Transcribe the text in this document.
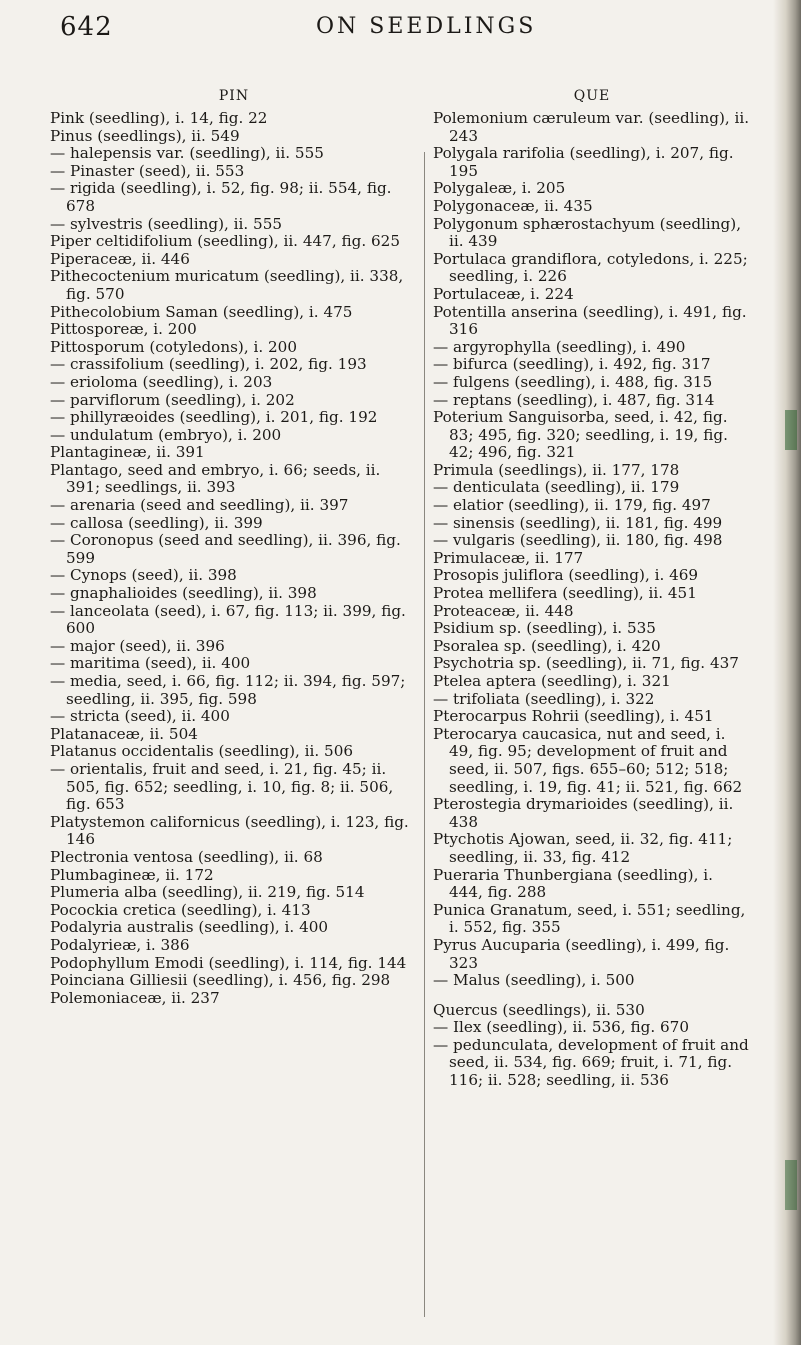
642	ON SEEDLINGS
PIN

Pink (seedling), i. 14, fig. 22

Pinus (seedlings), ii. 549

— halepensis var. (seedling), ii. 555

— Pinaster (seed), ii. 553

— rigida (seedling), i. 52, fig. 98; ii. 554, fig. 678

— sylvestris (seedling), ii. 555

Piper celtidifolium (seedling), ii. 447, fig. 625

Piperaceæ, ii. 446

Pithecoctenium muricatum (seedling), ii. 338, fig. 570

Pithecolobium Saman (seedling), i. 475

Pittosporeæ, i. 200

Pittosporum (cotyledons), i. 200

— crassifolium (seedling), i. 202, fig. 193

— erioloma (seedling), i. 203

— parviflorum (seedling), i. 202

— phillyræoides (seedling), i. 201, fig. 192

— undulatum (embryo), i. 200

Plantagineæ, ii. 391

Plantago, seed and embryo, i. 66; seeds, ii. 391; seedlings, ii. 393

— arenaria (seed and seedling), ii. 397

— callosa (seedling), ii. 399

— Coronopus (seed and seedling), ii. 396, fig. 599

— Cynops (seed), ii. 398

— gnaphalioides (seedling), ii. 398

— lanceolata (seed), i. 67, fig. 113; ii. 399, fig. 600

— major (seed), ii. 396

— maritima (seed), ii. 400

— media, seed, i. 66, fig. 112; ii. 394, fig. 597; seedling, ii. 395, fig. 598

— stricta (seed), ii. 400

Platanaceæ, ii. 504

Platanus occidentalis (seedling), ii. 506

— orientalis, fruit and seed, i. 21, fig. 45; ii. 505, fig. 652; seedling, i. 10, fig. 8; ii. 506, fig. 653

Platystemon californicus (seedling), i. 123, fig. 146

Plectronia ventosa (seedling), ii. 68

Plumbagineæ, ii. 172

Plumeria alba (seedling), ii. 219, fig. 514

Pocockia cretica (seedling), i. 413

Podalyria australis (seedling), i. 400

Podalyrieæ, i. 386

Podophyllum Emodi (seedling), i. 114, fig. 144

Poinciana Gilliesii (seedling), i. 456, fig. 298

Polemoniaceæ, ii. 237

QUE

Polemonium cæruleum var. (seedling), ii. 243

Polygala rarifolia (seedling), i. 207, fig. 195

Polygaleæ, i. 205

Polygonaceæ, ii. 435

Polygonum sphærostachyum (seedling), ii. 439

Portulaca grandiflora, cotyledons, i. 225; seedling, i. 226

Portulaceæ, i. 224

Potentilla anserina (seedling), i. 491, fig. 316

— argyrophylla (seedling), i. 490

— bifurca (seedling), i. 492, fig. 317

— fulgens (seedling), i. 488, fig. 315

— reptans (seedling), i. 487, fig. 314

Poterium Sanguisorba, seed, i. 42, fig. 83; 495, fig. 320; seedling, i. 19, fig. 42; 496, fig. 321

Primula (seedlings), ii. 177, 178

— denticulata (seedling), ii. 179

— elatior (seedling), ii. 179, fig. 497

— sinensis (seedling), ii. 181, fig. 499

— vulgaris (seedling), ii. 180, fig. 498

Primulaceæ, ii. 177

Prosopis juliflora (seedling), i. 469

Protea mellifera (seedling), ii. 451

Proteaceæ, ii. 448

Psidium sp. (seedling), i. 535

Psoralea sp. (seedling), i. 420

Psychotria sp. (seedling), ii. 71, fig. 437

Ptelea aptera (seedling), i. 321

— trifoliata (seedling), i. 322

Pterocarpus Rohrii (seedling), i. 451

Pterocarya caucasica, nut and seed, i. 49, fig. 95; development of fruit and seed, ii. 507, figs. 655–60; 512; 518; seedling, i. 19, fig. 41; ii. 521, fig. 662

Pterostegia drymarioides (seedling), ii. 438

Ptychotis Ajowan, seed, ii. 32, fig. 411; seedling, ii. 33, fig. 412

Pueraria Thunbergiana (seedling), i. 444, fig. 288

Punica Granatum, seed, i. 551; seedling, i. 552, fig. 355

Pyrus Aucuparia (seedling), i. 499, fig. 323

— Malus (seedling), i. 500

Quercus (seedlings), ii. 530

— Ilex (seedling), ii. 536, fig. 670

— pedunculata, development of fruit and seed, ii. 534, fig. 669; fruit, i. 71, fig. 116; ii. 528; seedling, ii. 536
